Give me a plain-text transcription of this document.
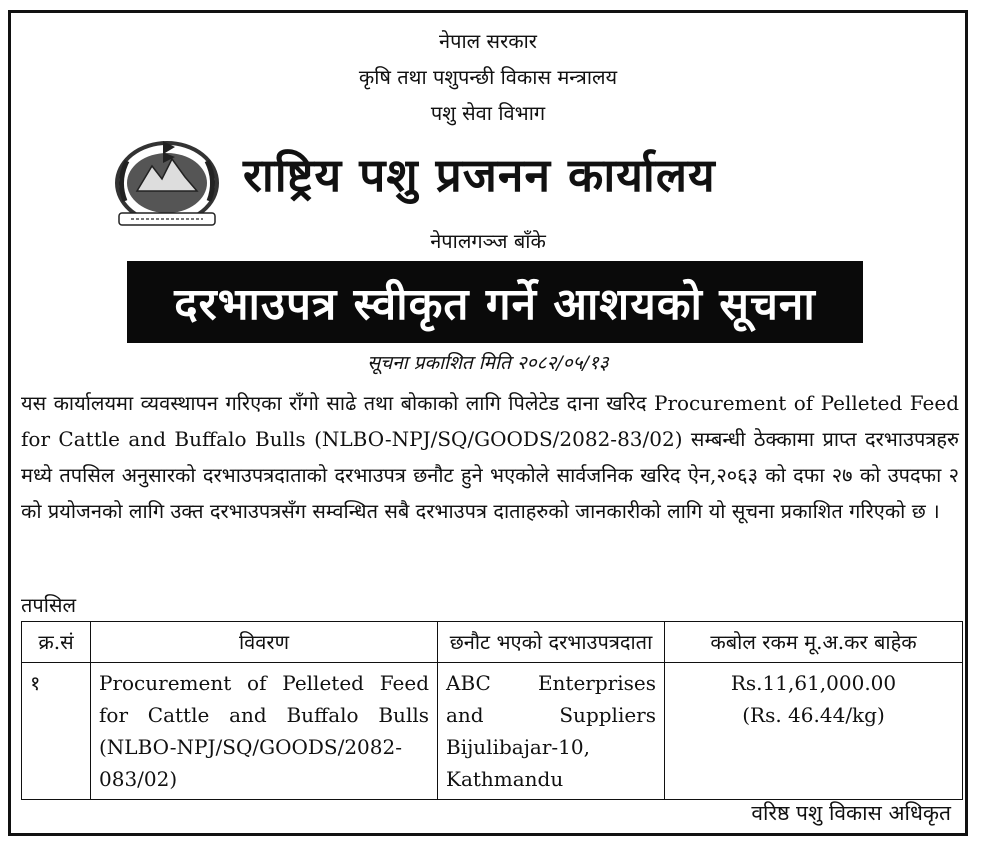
नेपाल सरकार
कृषि तथा पशुपन्छी विकास मन्त्रालय
पशु सेवा विभाग
राष्ट्रिय पशु प्रजनन कार्यालय
नेपालगञ्ज बाँके
दरभाउपत्र स्वीकृत गर्ने आशयको सूचना
सूचना प्रकाशित मिति २०८२/०५/१३
यस कार्यालयमा व्यवस्थापन गरिएका राँगो साढे तथा बोकाको लागि पिलेटेड दाना खरिद Procurement of Pelleted Feed for Cattle and Buffalo Bulls (NLBO-NPJ/SQ/GOODS/2082-83/02) सम्बन्धी ठेक्कामा प्राप्त दरभाउपत्रहरु मध्ये तपसिल अनुसारको दरभाउपत्रदाताको दरभाउपत्र छनौट हुने भएकोले सार्वजनिक खरिद ऐन,२०६३ को दफा २७ को उपदफा २ को प्रयोजनको लागि उक्त दरभाउपत्रसँग सम्वन्धित सबै दरभाउपत्र दाताहरुको जानकारीको लागि यो सूचना प्रकाशित गरिएको छ ।
तपसिल
क्र.सं	विवरण	छनौट भएको दरभाउपत्रदाता	कबोल रकम मू.अ.कर बाहेक
१	Procurement of Pelleted Feed for Cattle and Buffalo Bulls (NLBO-NPJ/SQ/GOODS/2082-083/02)	ABC Enterprises and Suppliers Bijulibajar-10, Kathmandu	Rs.11,61,000.00
(Rs. 46.44/kg)
वरिष्ठ पशु विकास अधिकृत
